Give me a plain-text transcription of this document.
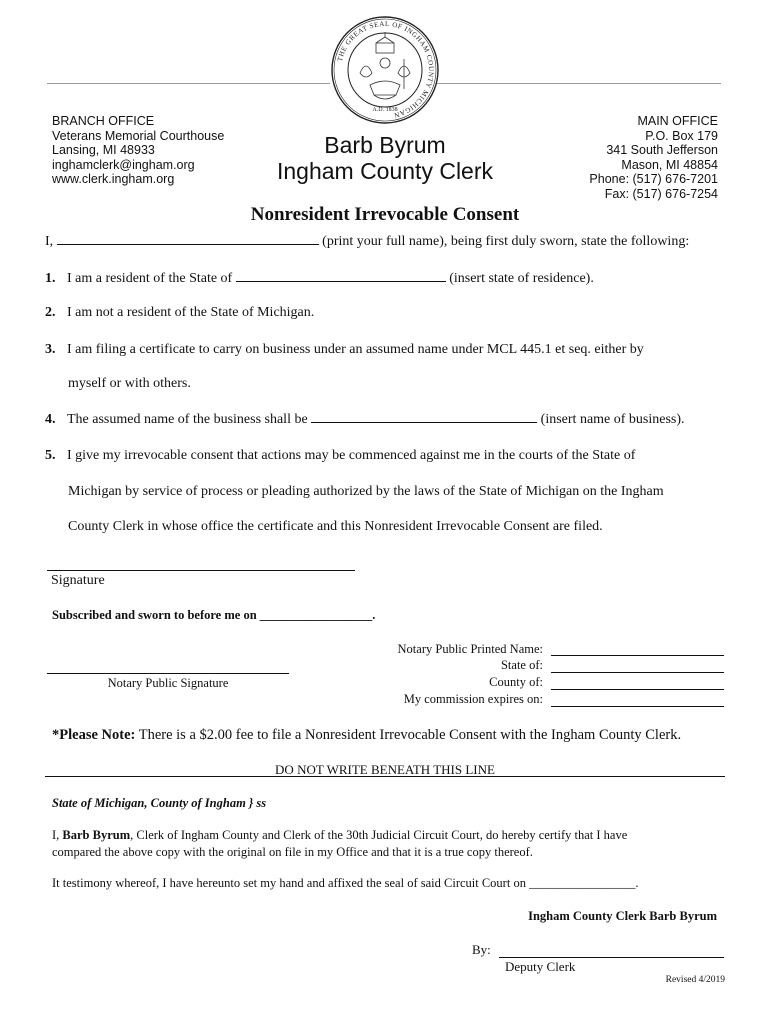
THE GREAT SEAL OF INGHAM COUNTY MICHIGAN
A.D. 1838
BRANCH OFFICE
Veterans Memorial Courthouse
Lansing, MI 48933
inghamclerk@ingham.org
www.clerk.ingham.org
Barb Byrum
Ingham County Clerk
MAIN OFFICE
P.O. Box 179
341 South Jefferson
Mason, MI 48854
Phone: (517) 676-7201
Fax: (517) 676-7254
Nonresident Irrevocable Consent
I,	(print your full name), being first duly sworn, state the following:
1. I am a resident of the State of	(insert state of residence).
2. I am not a resident of the State of Michigan.
3. I am filing a certificate to carry on business under an assumed name under MCL 445.1 et seq. either by
myself or with others.
4. The assumed name of the business shall be	(insert name of business).
5. I give my irrevocable consent that actions may be commenced against me in the courts of the State of
Michigan by service of process or pleading authorized by the laws of the State of Michigan on the Ingham
County Clerk in whose office the certificate and this Nonresident Irrevocable Consent are filed.
Signature
Subscribed and sworn to before me on __________________.
Notary Public Signature
Notary Public Printed Name:
State of:
County of:
My commission expires on:
*Please Note: There is a $2.00 fee to file a Nonresident Irrevocable Consent with the Ingham County Clerk.
DO NOT WRITE BENEATH THIS LINE
State of Michigan, County of Ingham } ss
I, Barb Byrum, Clerk of Ingham County and Clerk of the 30th Judicial Circuit Court, do hereby certify that I have
compared the above copy with the original on file in my Office and that it is a true copy thereof.
It testimony whereof, I have hereunto set my hand and affixed the seal of said Circuit Court on _________________.
Ingham County Clerk Barb Byrum
By:
Deputy Clerk
Revised 4/2019
